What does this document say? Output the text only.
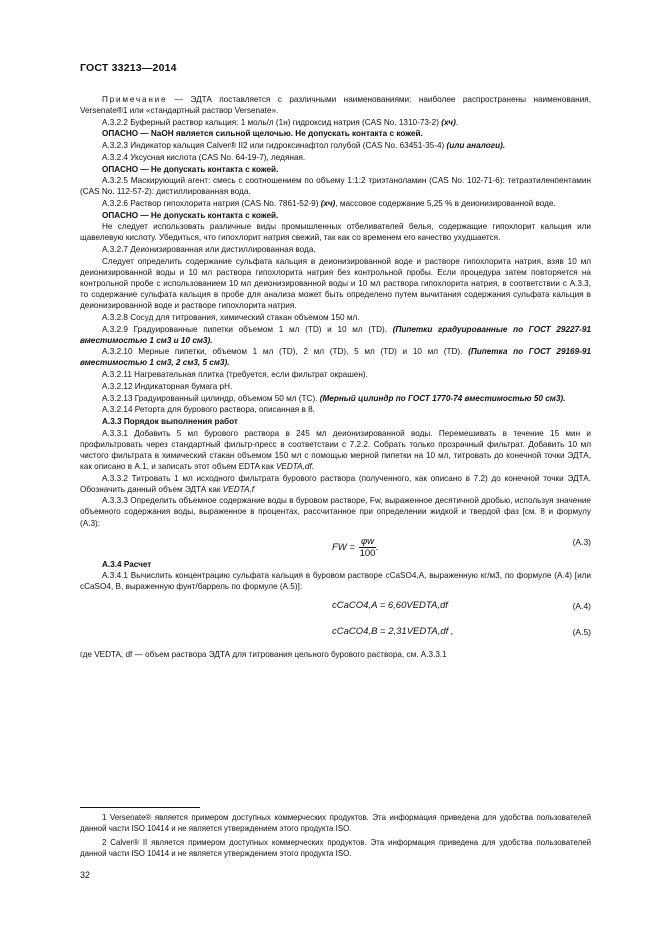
ГОСТ 33213—2014

Примечание — ЭДТА поставляется с различными наименованиями: наиболее распространены наименования, Versenate®1 или «стандартный раствор Versenate».

А.3.2.2 Буферный раствор кальция: 1 моль/л (1н) гидроксид натрия (CAS No. 1310-73-2) (хч).

ОПАСНО — NaOH является сильной щелочью. Не допускать контакта с кожей.

А.3.2.3 Индикатор кальция Calver® II2 или гидроксинафтол голубой (CAS No. 63451-35-4) (или аналоги).

А.3.2.4 Уксусная кислота (CAS No. 64-19-7), ледяная.

ОПАСНО — Не допускать контакта с кожей.

А.3.2.5 Маскирующий агент: смесь с соотношением по объему 1:1:2 триэтаноламин (CAS No. 102-71-6): тетраэтиленпентамин (CAS No. 112-57-2): дистиллированная вода.

А.3.2.6 Раствор гипохлорита натрия (CAS No. 7861-52-9) (хч), массовое содержание 5,25 % в деионизированной воде.

ОПАСНО — Не допускать контакта с кожей.

Не следует использовать различные виды промышленных отбеливателей белья, содержащие гипохлорит кальция или щавелевую кислоту. Убедиться, что гипохлорит натрия свежий, так как со временем его качество ухудшается.

А.3.2.7 Деионизированная или дистиллированная вода.

Следует определить содержание сульфата кальция в деионизированной воде и растворе гипохлорита натрия, взяв 10 мл деионизированной воды и 10 мл раствора гипохлорита натрия без контрольной пробы. Если процедура затем повторяется на контрольной пробе с использованием 10 мл деионизированной воды и 10 мл раствора гипохлорита натрия, в соответствии с А.3.3, то содержание сульфата кальция в пробе для анализа может быть определено путем вычитания содержания сульфата кальция в деионизированной воде и растворе гипохлорита натрия.

А.3.2.8 Сосуд для титрования, химический стакан объемом 150 мл.

А.3.2.9 Градуированные пипетки объемом 1 мл (TD) и 10 мл (TD). (Пипетки градуированные по ГОСТ 29227-91 вместимостью 1 см3 и 10 см3).

А.3.2.10 Мерные пипетки, объемом 1 мл (TD), 2 мл (TD), 5 мл (TD) и 10 мл (TD). (Пипетка по ГОСТ 29169-91 вместимостью 1 см3, 2 см3, 5 см3).

А.3.2.11 Нагревательная плитка (требуется, если фильтрат окрашен).

А.3.2.12 Индикаторная бумага pH.

А.3.2.13 Градуированный цилиндр, объемом 50 мл (TC). (Мерный цилиндр по ГОСТ 1770-74 вместимостью 50 см3).

А.3.2.14 Реторта для бурового раствора, описанная в 8.

А.3.3 Порядок выполнения работ

А.3.3.1 Добавить 5 мл бурового раствора в 245 мл деионизированной воды. Перемешивать в течение 15 мин и профильтровать через стандартный фильтр-пресс в соответствии с 7.2.2. Собрать только прозрачный фильтрат. Добавить 10 мл чистого фильтрата в химический стакан объемом 150 мл с помощью мерной пипетки на 10 мл, титровать до конечной точки ЭДТА, как описано в А.1, и записать этот объем EDTA как VEDTA,df.

А.3.3.2 Титровать 1 мл исходного фильтрата бурового раствора (полученного, как описано в 7.2) до конечной точки ЭДТА. Обозначить данный объем ЭДТА как VEDTA,f

А.3.3.3 Определить объемное содержание воды в буровом растворе, Fw, выраженное десятичной дробью, используя значение объемного содержания воды, выраженное в процентах, рассчитанное при определении жидкой и твердой фаз [см. 8 и формулу (А.3):

FW = $\frac{\varphi w}{100}$ .
(A.3)

А.3.4 Расчет

А.3.4.1 Вычислить концентрацию сульфата кальция в буровом растворе cCaSO4,A, выраженную кг/м3, по формуле (А.4) [или cCaSO4, B, выраженную фунт/баррель по формуле (А.5)]:

cCaCO4,A = 6,60VEDTA,df	(A.4)
cCaCO4,B = 2,31VEDTA,df ,	(A.5)

где VEDTA, df — объем раствора ЭДТА для титрования цельного бурового раствора, см. А.3.3.1

1 Versenate® является примером доступных коммерческих продуктов. Эта информация приведена для удобства пользователей данной части ISO 10414 и не является утверждением этого продукта ISO.
2 Calver® II является примером доступных коммерческих продуктов. Эта информация приведена для удобства пользователей данной части ISO 10414 и не является утверждением этого продукта ISO.
32
